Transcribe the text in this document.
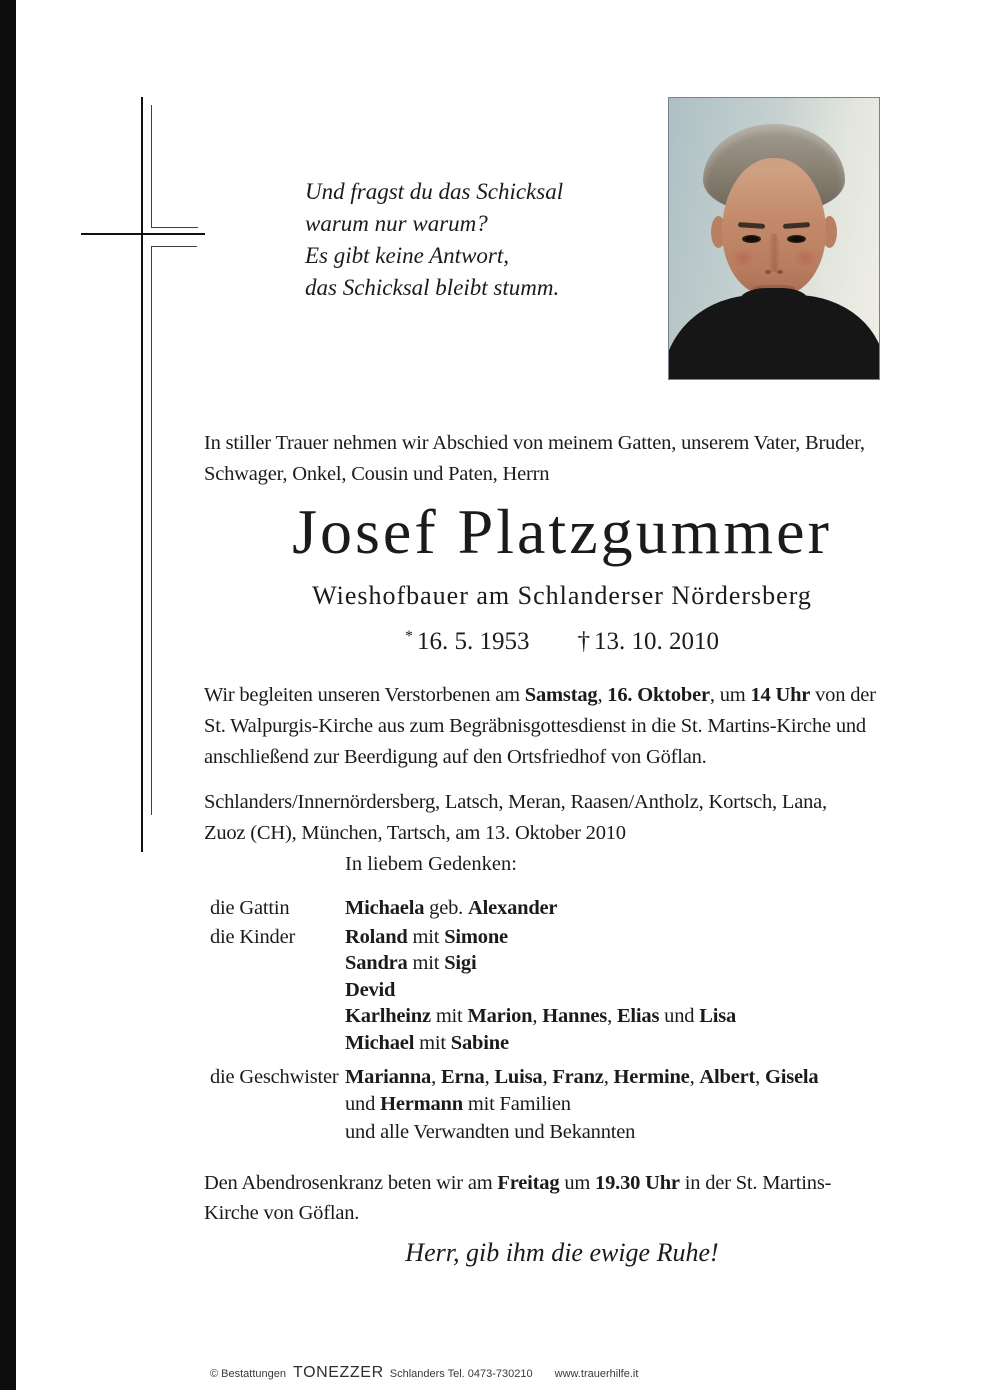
Und fragst du das Schicksal
warum nur warum?
Es gibt keine Antwort,
das Schicksal bleibt stumm.
In stiller Trauer nehmen wir Abschied von meinem Gatten, unserem Vater, Bruder,
Schwager, Onkel, Cousin und Paten, Herrn
Josef Platzgummer
Wieshofbauer am Schlanderser Nördersberg
* 16. 5. 1953 † 13. 10. 2010
Wir begleiten unseren Verstorbenen am Samstag, 16. Oktober, um 14 Uhr von der
St. Walpurgis-Kirche aus zum Begräbnisgottesdienst in die St. Martins-Kirche und
anschließend zur Beerdigung auf den Ortsfriedhof von Göflan.
Schlanders/Innernördersberg, Latsch, Meran, Raasen/Antholz, Kortsch, Lana,
Zuoz (CH), München, Tartsch, am 13. Oktober 2010
In liebem Gedenken:
die Gattin	Michaela geb. Alexander
die Kinder	Roland mit Simone
Sandra mit Sigi
Devid
Karlheinz mit Marion, Hannes, Elias und Lisa
Michael mit Sabine
die Geschwister Marianna, Erna, Luisa, Franz, Hermine, Albert, Gisela
und Hermann mit Familien
und alle Verwandten und Bekannten
Den Abendrosenkranz beten wir am Freitag um 19.30 Uhr in der St. Martins-
Kirche von Göflan.
Herr, gib ihm die ewige Ruhe!
© Bestattungen TONEZZER Schlanders Tel. 0473-730210 www.trauerhilfe.it
